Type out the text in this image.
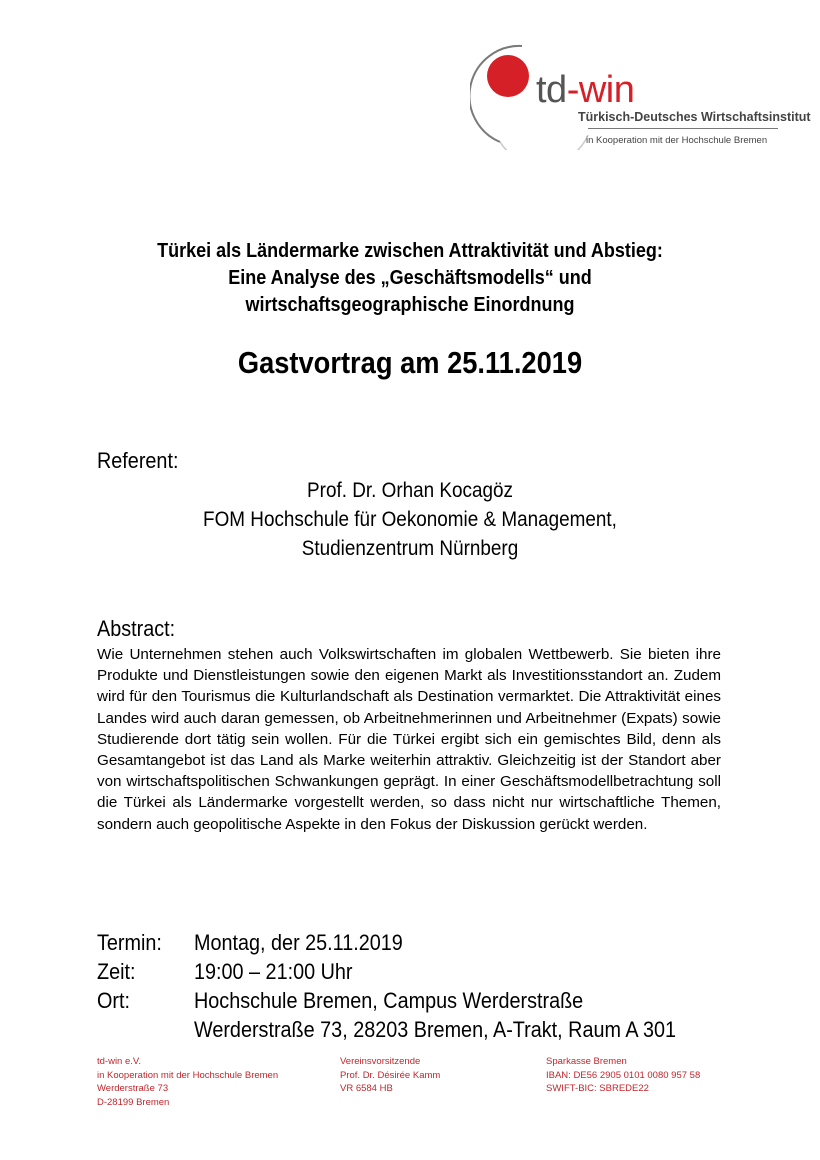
td-win
Türkisch-Deutsches Wirtschaftsinstitut
in Kooperation mit der Hochschule Bremen
Türkei als Ländermarke zwischen Attraktivität und Abstieg:
Eine Analyse des „Geschäftsmodells“ und
wirtschaftsgeographische Einordnung
Gastvortrag am 25.11.2019
Referent:
Prof. Dr. Orhan Kocagöz
FOM Hochschule für Oekonomie & Management,
Studienzentrum Nürnberg
Abstract:
Wie Unternehmen stehen auch Volkswirtschaften im globalen Wettbewerb. Sie bieten ihre Produkte und Dienstleistungen sowie den eigenen Markt als Investitionsstandort an. Zudem wird für den Tourismus die Kulturlandschaft als Destination vermarktet. Die Attraktivität eines Landes wird auch daran gemessen, ob Arbeitnehmerinnen und Arbeitnehmer (Expats) sowie Studierende dort tätig sein wollen. Für die Türkei ergibt sich ein gemischtes Bild, denn als Gesamtangebot ist das Land als Marke weiterhin attraktiv. Gleichzeitig ist der Standort aber von wirtschaftspolitischen Schwankungen geprägt. In einer Geschäftsmodellbetrachtung soll die Türkei als Ländermarke vorgestellt werden, so dass nicht nur wirtschaftliche Themen, sondern auch geopolitische Aspekte in den Fokus der Diskussion gerückt werden.
Termin: Montag, der 25.11.2019
Zeit:	19:00 – 21:00 Uhr
Ort:	Hochschule Bremen, Campus Werderstraße
Werderstraße 73, 28203 Bremen, A-Trakt, Raum A 301
td-win e.V.
in Kooperation mit der Hochschule Bremen
Werderstraße 73
D-28199 Bremen
Vereinsvorsitzende
Prof. Dr. Désirée Kamm
VR 6584 HB
Sparkasse Bremen
IBAN: DE56 2905 0101 0080 957 58
SWIFT-BIC: SBREDE22
